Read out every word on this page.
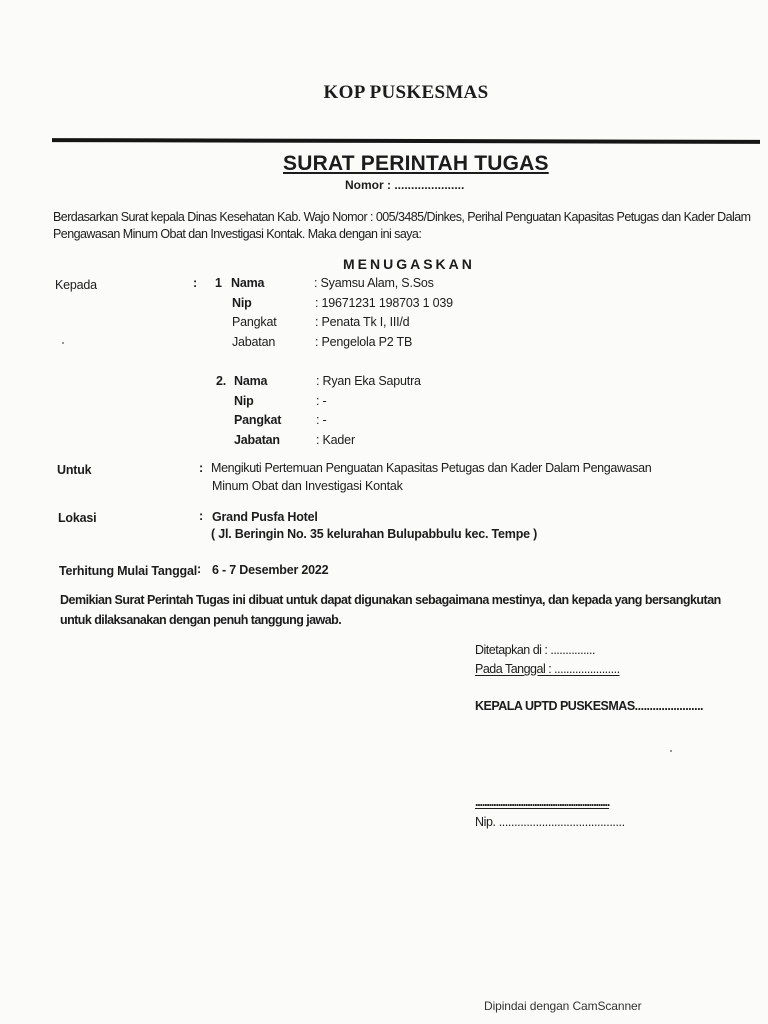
KOP PUSKESMAS
SURAT PERINTAH TUGAS
Nomor : .....................
Berdasarkan Surat kepala Dinas Kesehatan Kab. Wajo Nomor : 005/3485/Dinkes, Perihal Penguatan Kapasitas Petugas dan Kader Dalam
Pengawasan Minum Obat dan Investigasi Kontak. Maka dengan ini saya:
MENUGASKAN
Kepada	: 1 Nama	: Syamsu Alam, S.Sos
Nip	: 19671231 198703 1 039
Pangkat	: Penata Tk I, III/d
Jabatan	: Pengelola P2 TB
2. Nama	: Ryan Eka Saputra
Nip	: -
Pangkat	: -
Jabatan	: Kader
Untuk	: Mengikuti Pertemuan Penguatan Kapasitas Petugas dan Kader Dalam Pengawasan
Minum Obat dan Investigasi Kontak
Lokasi	: Grand Pusfa Hotel
( Jl. Beringin No. 35 kelurahan Bulupabbulu kec. Tempe )
Terhitung Mulai Tanggal : 6 - 7 Desember 2022
Demikian Surat Perintah Tugas ini dibuat untuk dapat digunakan sebagaimana mestinya, dan kepada yang bersangkutan
untuk dilaksanakan dengan penuh tanggung jawab.
Ditetapkan di : ...............
Pada Tanggal : ......................
KEPALA UPTD PUSKESMAS.......................
...........................................................
Nip. .........................................
Dipindai dengan CamScanner
